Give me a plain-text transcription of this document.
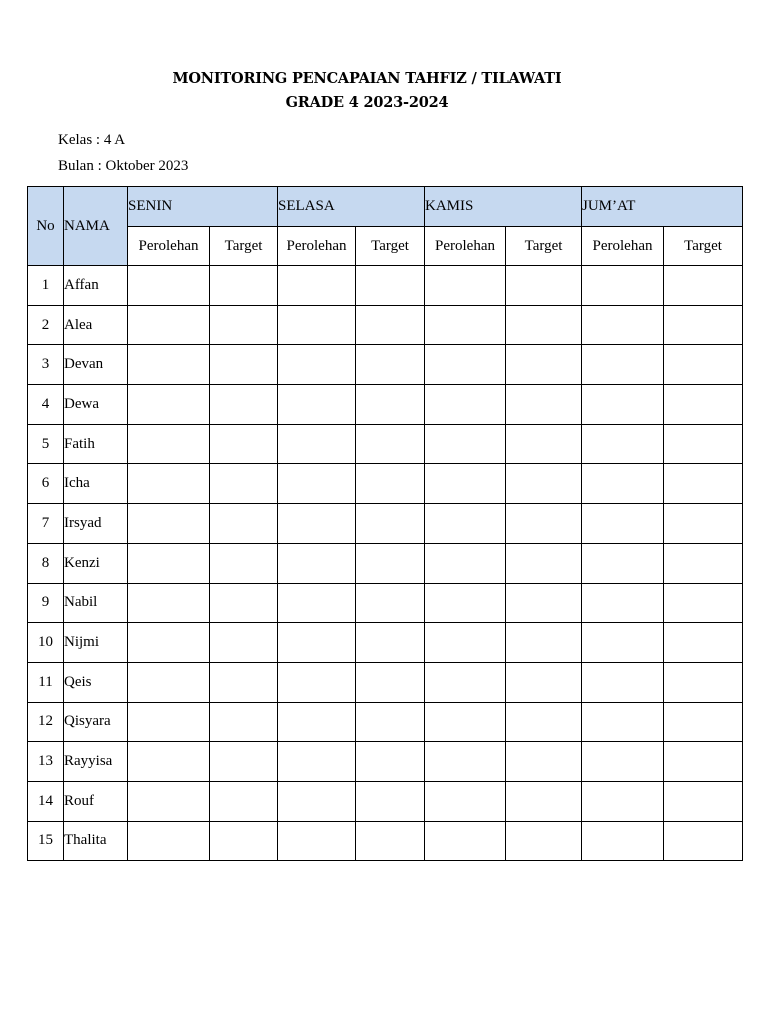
MONITORING PENCAPAIAN TAHFIZ / TILAWATI
GRADE 4 2023-2024
Kelas : 4 A
Bulan : Oktober 2023
No	NAMA	SENIN		SELASA		KAMIS		JUM’AT	
		Perolehan	Target	Perolehan	Target	Perolehan	Target	Perolehan	Target
1	Affan								
2	Alea								
3	Devan								
4	Dewa								
5	Fatih								
6	Icha								
7	Irsyad								
8	Kenzi								
9	Nabil								
10	Nijmi								
11	Qeis								
12	Qisyara								
13	Rayyisa								
14	Rouf								
15	Thalita								
